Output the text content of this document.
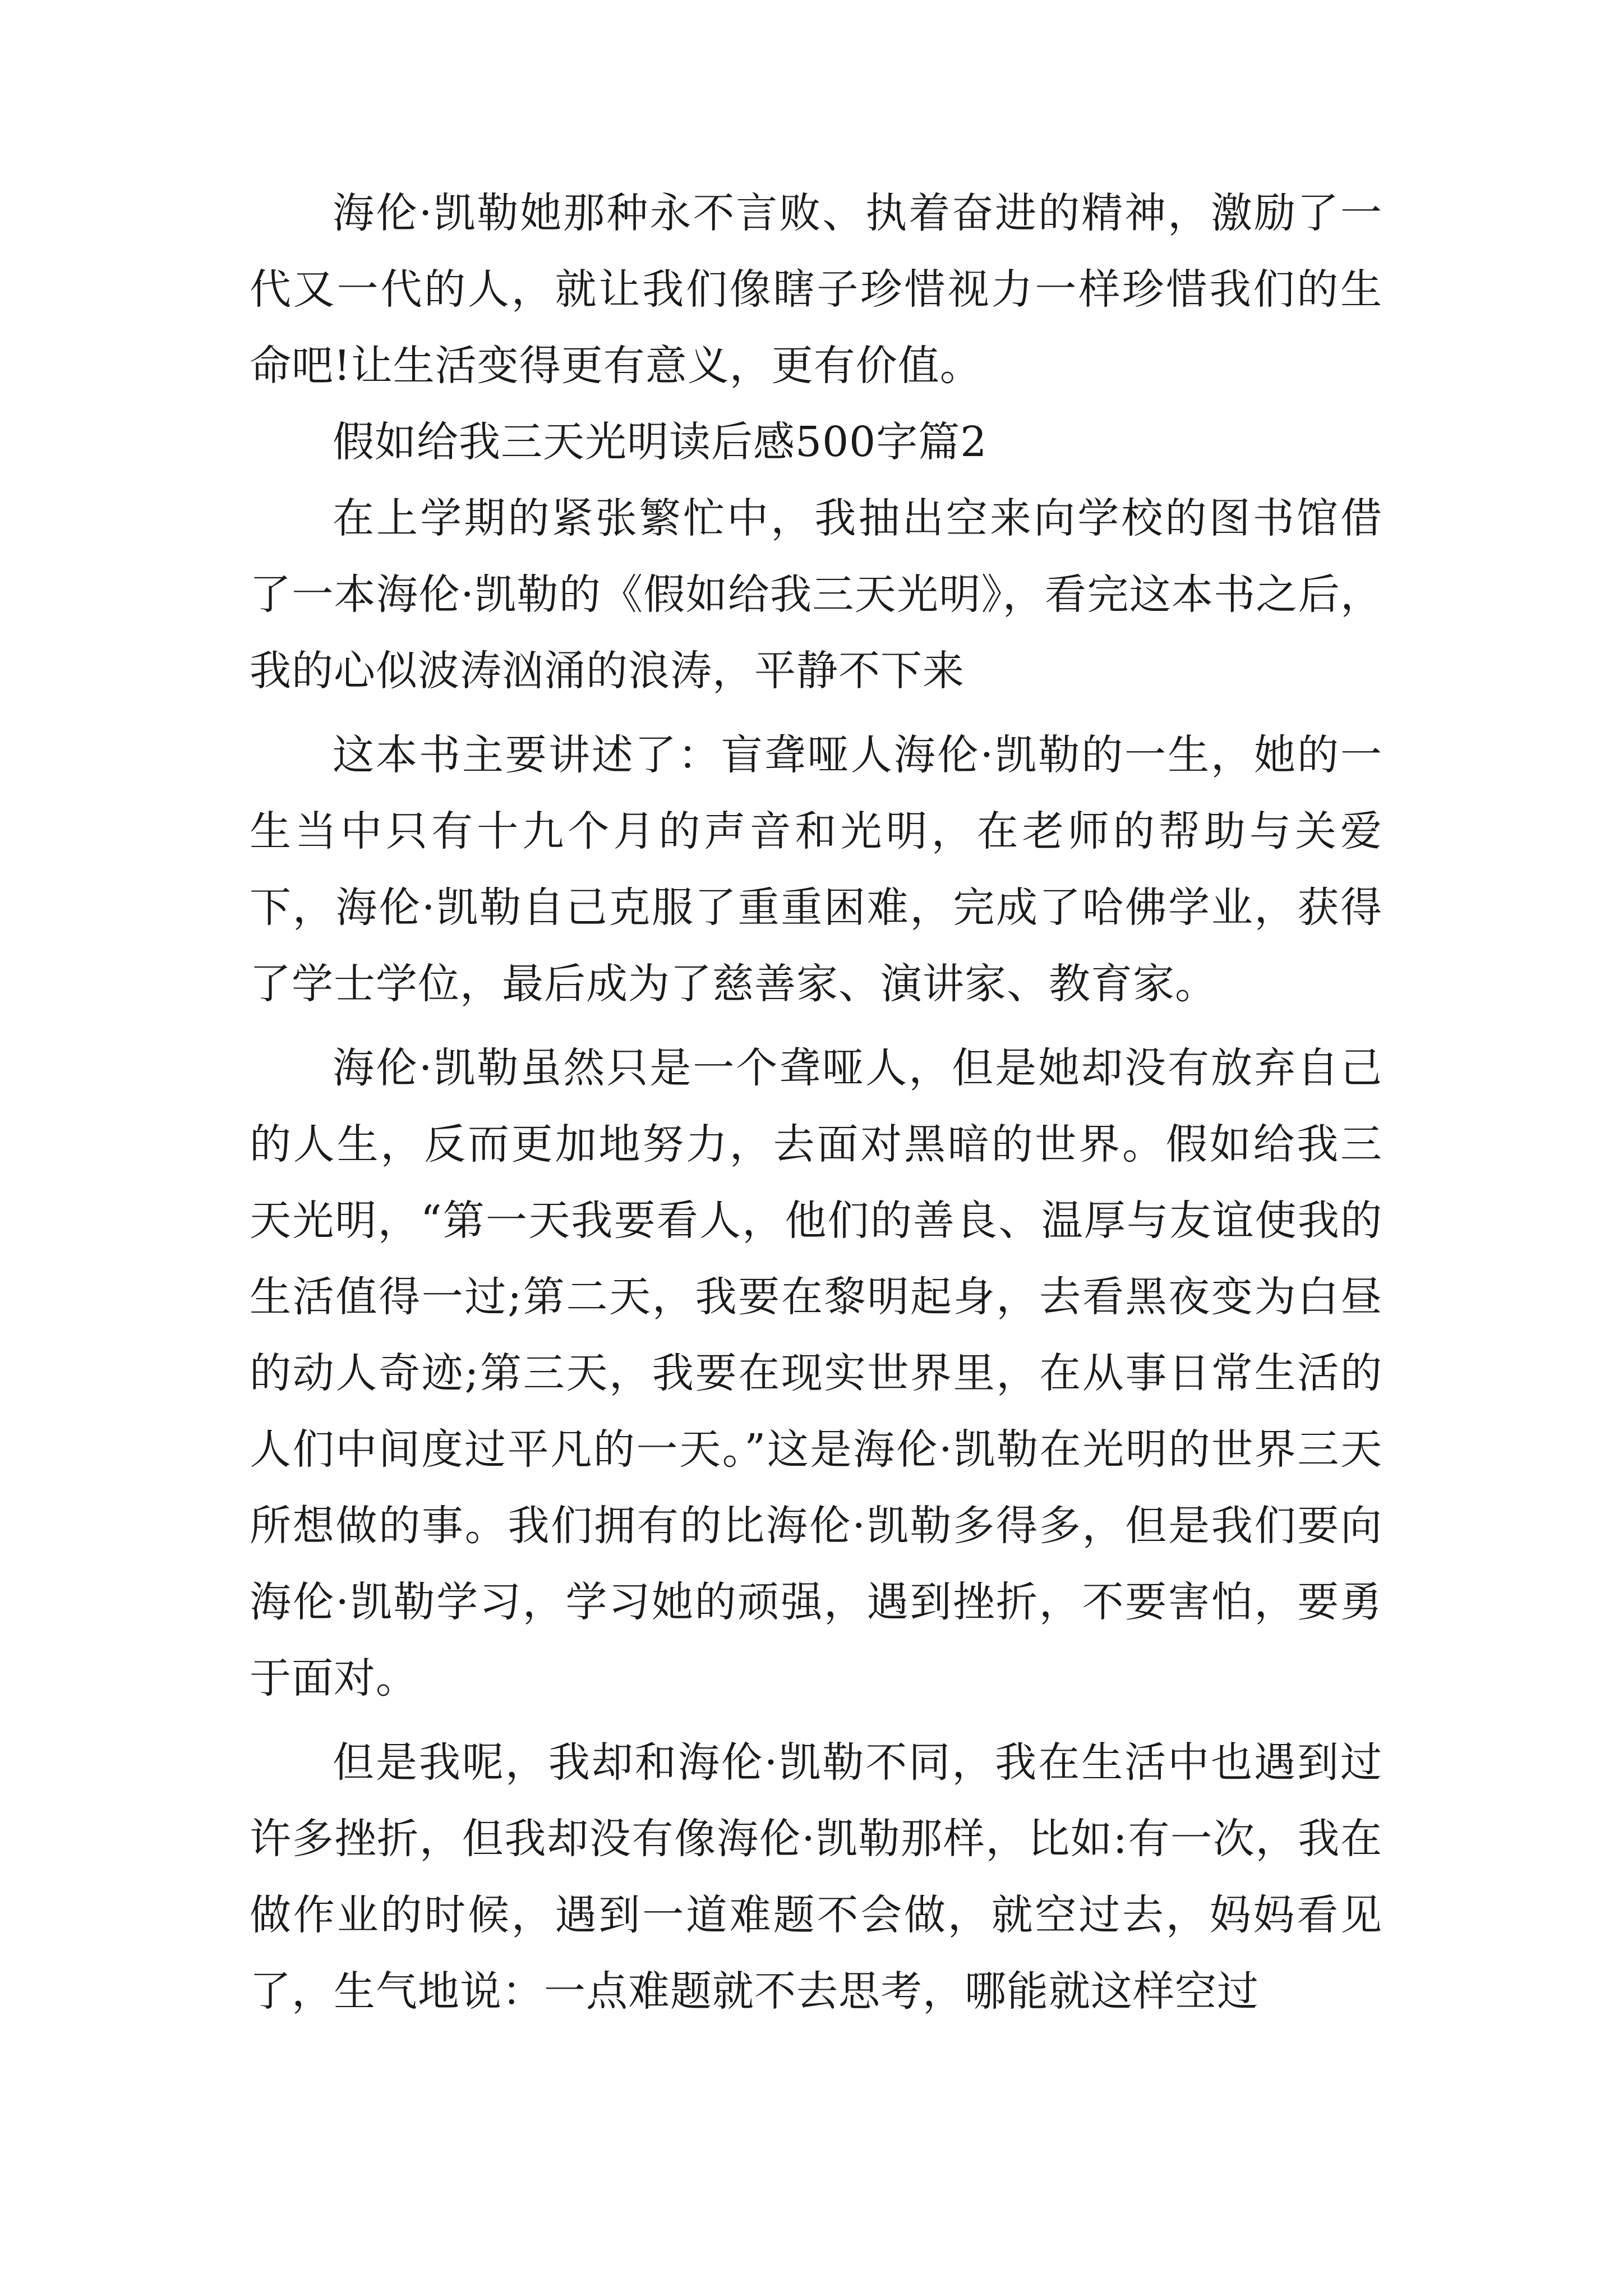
海伦·凯勒她那种永不言败、执着奋进的精神，激励了一代又一代的人，就让我们像瞎子珍惜视力一样珍惜我们的生命吧!让生活变得更有意义，更有价值。

假如给我三天光明读后感500字篇2

在上学期的紧张繁忙中，我抽出空来向学校的图书馆借了一本海伦·凯勒的《假如给我三天光明》，看完这本书之后，我的心似波涛汹涌的浪涛，平静不下来

这本书主要讲述了：盲聋哑人海伦·凯勒的一生，她的一生当中只有十九个月的声音和光明，在老师的帮助与关爱下，海伦·凯勒自己克服了重重困难，完成了哈佛学业，获得了学士学位，最后成为了慈善家、演讲家、教育家。

海伦·凯勒虽然只是一个聋哑人，但是她却没有放弃自己的人生，反而更加地努力，去面对黑暗的世界。假如给我三天光明，“第一天我要看人，他们的善良、温厚与友谊使我的生活值得一过;第二天，我要在黎明起身，去看黑夜变为白昼的动人奇迹;第三天，我要在现实世界里，在从事日常生活的人们中间度过平凡的一天。”这是海伦·凯勒在光明的世界三天所想做的事。我们拥有的比海伦·凯勒多得多，但是我们要向海伦·凯勒学习，学习她的顽强，遇到挫折，不要害怕，要勇于面对。

但是我呢，我却和海伦·凯勒不同，我在生活中也遇到过许多挫折，但我却没有像海伦·凯勒那样，比如:有一次，我在做作业的时候，遇到一道难题不会做，就空过去，妈妈看见了，生气地说：一点难题就不去思考，哪能就这样空过
